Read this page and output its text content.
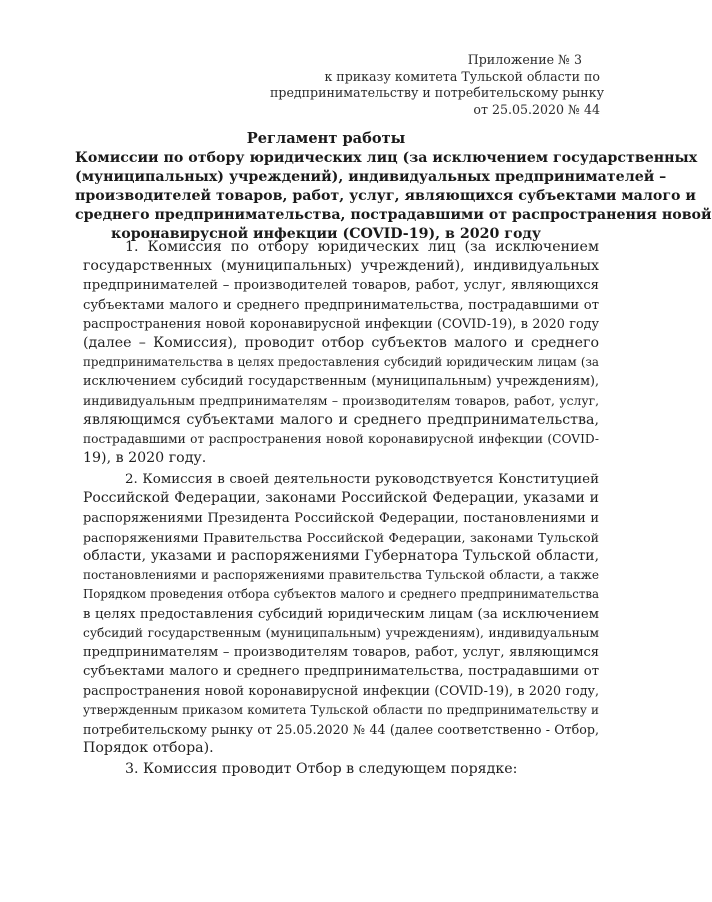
Приложение № 3
к приказу комитета Тульской области по
предпринимательству и потребительскому рынку
от 25.05.2020 № 44
Регламент работы
Комиссии по отбору юридических лиц (за исключением государственных
(муниципальных) учреждений), индивидуальных предпринимателей –
производителей товаров, работ, услуг, являющихся субъектами малого и
среднего предпринимательства, пострадавшими от распространения новой
коронавирусной инфекции (COVID-19), в 2020 году
1. Комиссия по отбору юридических лиц (за исключением
государственных (муниципальных) учреждений), индивидуальных
предпринимателей – производителей товаров, работ, услуг, являющихся
субъектами малого и среднего предпринимательства, пострадавшими от
распространения новой коронавирусной инфекции (COVID-19), в 2020 году
(далее – Комиссия), проводит отбор субъектов малого и среднего
предпринимательства в целях предоставления субсидий юридическим лицам (за
исключением субсидий государственным (муниципальным) учреждениям),
индивидуальным предпринимателям – производителям товаров, работ, услуг,
являющимся субъектами малого и среднего предпринимательства,
пострадавшими от распространения новой коронавирусной инфекции (COVID-
19), в 2020 году.
2. Комиссия в своей деятельности руководствуется Конституцией
Российской Федерации, законами Российской Федерации, указами и
распоряжениями Президента Российской Федерации, постановлениями и
распоряжениями Правительства Российской Федерации, законами Тульской
области, указами и распоряжениями Губернатора Тульской области,
постановлениями и распоряжениями правительства Тульской области, а также
Порядком проведения отбора субъектов малого и среднего предпринимательства
в целях предоставления субсидий юридическим лицам (за исключением
субсидий государственным (муниципальным) учреждениям), индивидуальным
предпринимателям – производителям товаров, работ, услуг, являющимся
субъектами малого и среднего предпринимательства, пострадавшими от
распространения новой коронавирусной инфекции (COVID-19), в 2020 году,
утвержденным приказом комитета Тульской области по предпринимательству и
потребительскому рынку от 25.05.2020 № 44 (далее соответственно - Отбор,
Порядок отбора).
3. Комиссия проводит Отбор в следующем порядке:
